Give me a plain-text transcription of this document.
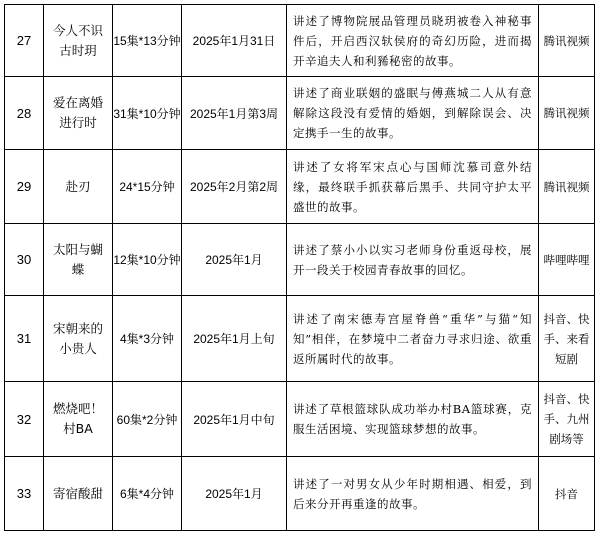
27	今人不识古时玥	15集*13分钟	2025年1月31日	讲述了博物院展品管理员晓玥被卷入神秘事件后，开启西汉轪侯府的奇幻历险，进而揭开辛追夫人和利豨秘密的故事。	腾讯视频
28	爱在离婚进行时	31集*10分钟	2025年1月第3周	讲述了商业联姻的盛眠与傅燕城二人从有意解除这段没有爱情的婚姻，到解除误会、决定携手一生的故事。	腾讯视频
29	赴刃	24*15分钟	2025年2月第2周	讲述了女将军宋点心与国师沈慕司意外结缘，最终联手抓获幕后黑手、共同守护太平盛世的故事。	腾讯视频
30	太阳与蝴蝶	12集*10分钟	2025年1月	讲述了蔡小小以实习老师身份重返母校，展开一段关于校园青春故事的回忆。	哔哩哔哩
31	宋朝来的小贵人	4集*3分钟	2025年1月上旬	讲述了南宋德寿宫屋脊兽“重华”与猫“知知”相伴，在梦境中二者奋力寻求归途、欲重返所属时代的故事。	抖音、快手、来看短剧
32	燃烧吧！村BA	60集*2分钟	2025年1月中旬	讲述了草根篮球队成功举办村BA篮球赛，克服生活困境、实现篮球梦想的故事。	抖音、快手、九州剧场等
33	寄宿酸甜	6集*4分钟	2025年1月	讲述了一对男女从少年时期相遇、相爱，到后来分开再重逢的故事。	抖音
